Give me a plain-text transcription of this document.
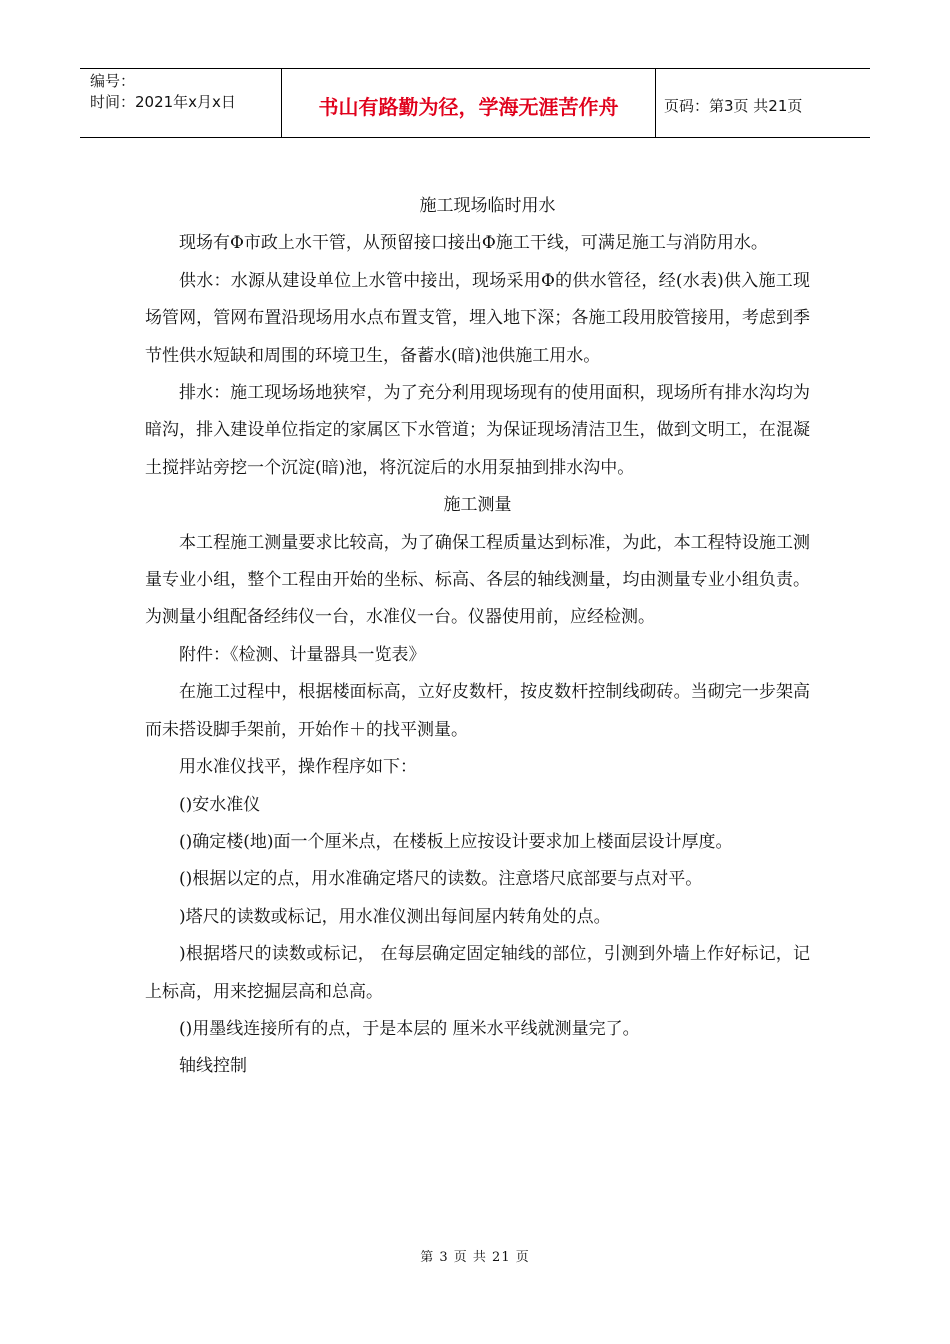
编号：
时间：2021年x月x日	书山有路勤为径，学海无涯苦作舟	页码：第3页 共21页

施工现场临时用水

现场有Φ市政上水干管，从预留接口接出Φ施工干线，可满足施工与消防用水。

供水：水源从建设单位上水管中接出，现场采用Φ的供水管径，经(水表)供入施工现场管网，管网布置沿现场用水点布置支管，埋入地下深；各施工段用胶管接用，考虑到季节性供水短缺和周围的环境卫生，备蓄水(暗)池供施工用水。

排水：施工现场场地狭窄，为了充分利用现场现有的使用面积，现场所有排水沟均为暗沟，排入建设单位指定的家属区下水管道；为保证现场清洁卫生，做到文明工，在混凝土搅拌站旁挖一个沉淀(暗)池，将沉淀后的水用泵抽到排水沟中。

施工测量

本工程施工测量要求比较高，为了确保工程质量达到标准，为此，本工程特设施工测量专业小组，整个工程由开始的坐标、标高、各层的轴线测量，均由测量专业小组负责。为测量小组配备经纬仪一台，水准仪一台。仪器使用前，应经检测。

附件：《检测、计量器具一览表》

在施工过程中，根据楼面标高，立好皮数杆，按皮数杆控制线砌砖。当砌完一步架高而未搭设脚手架前，开始作＋的找平测量。

用水准仪找平，操作程序如下：

()安水准仪

()确定楼(地)面一个厘米点，在楼板上应按设计要求加上楼面层设计厚度。

()根据以定的点，用水准确定塔尺的读数。注意塔尺底部要与点对平。

)塔尺的读数或标记，用水准仪测出每间屋内转角处的点。

)根据塔尺的读数或标记， 在每层确定固定轴线的部位，引测到外墙上作好标记，记上标高，用来挖掘层高和总高。

()用墨线连接所有的点，于是本层的 厘米水平线就测量完了。

轴线控制

第 3 页 共 21 页
